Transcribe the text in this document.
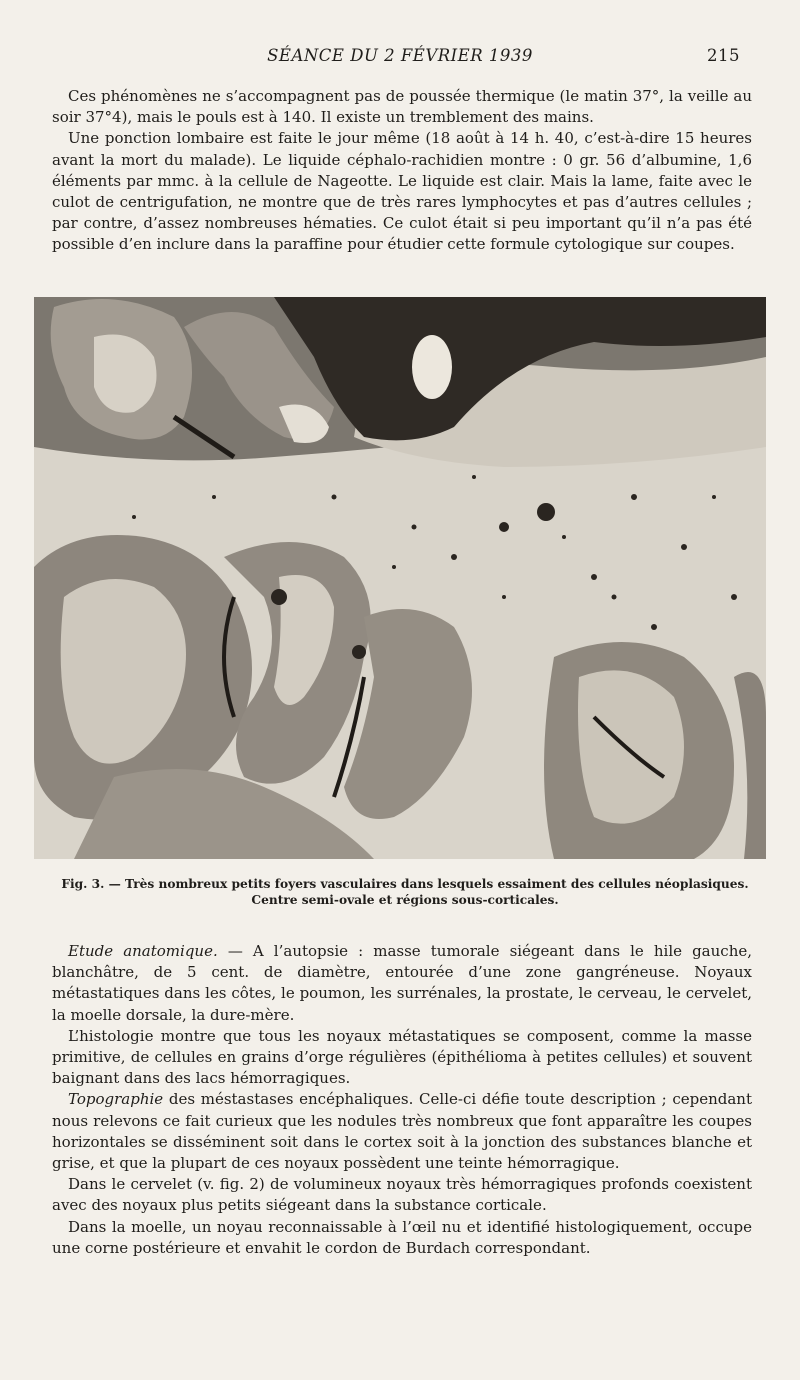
SÉANCE DU 2 FÉVRIER 1939	215

Ces phénomènes ne s’accompagnent pas de poussée thermique (le matin 37°, la veille au soir 37°4), mais le pouls est à 140. Il existe un tremblement des mains.

Une ponction lombaire est faite le jour même (18 août à 14 h. 40, c’est-à-dire 15 heures avant la mort du malade). Le liquide céphalo-rachidien montre : 0 gr. 56 d’albumine, 1,6 éléments par mmc. à la cellule de Nageotte. Le liquide est clair. Mais la lame, faite avec le culot de centrigufation, ne montre que de très rares lymphocytes et pas d’autres cellules ; par contre, d’assez nombreuses hématies. Ce culot était si peu important qu’il n’a pas été possible d’en inclure dans la paraffine pour étudier cette formule cytologique sur coupes.

Fig. 3. — Très nombreux petits foyers vasculaires dans lesquels essaiment des cellules néoplasiques. Centre semi-ovale et régions sous-corticales.

Etude anatomique. — A l’autopsie : masse tumorale siégeant dans le hile gauche, blanchâtre, de 5 cent. de diamètre, entourée d’une zone gangréneuse. Noyaux métastatiques dans les côtes, le poumon, les surrénales, la prostate, le cerveau, le cervelet, la moelle dorsale, la dure-mère.

L’histologie montre que tous les noyaux métastatiques se composent, comme la masse primitive, de cellules en grains d’orge régulières (épithélioma à petites cellules) et souvent baignant dans des lacs hémorragiques.

Topographie des méstastases encéphaliques. Celle-ci défie toute description ; cependant nous relevons ce fait curieux que les nodules très nombreux que font apparaître les coupes horizontales se disséminent soit dans le cortex soit à la jonction des substances blanche et grise, et que la plupart de ces noyaux possèdent une teinte hémorragique.

Dans le cervelet (v. fig. 2) de volumineux noyaux très hémorragiques profonds coexistent avec des noyaux plus petits siégeant dans la substance corticale.

Dans la moelle, un noyau reconnaissable à l’œil nu et identifié histologiquement, occupe une corne postérieure et envahit le cordon de Burdach correspondant.
